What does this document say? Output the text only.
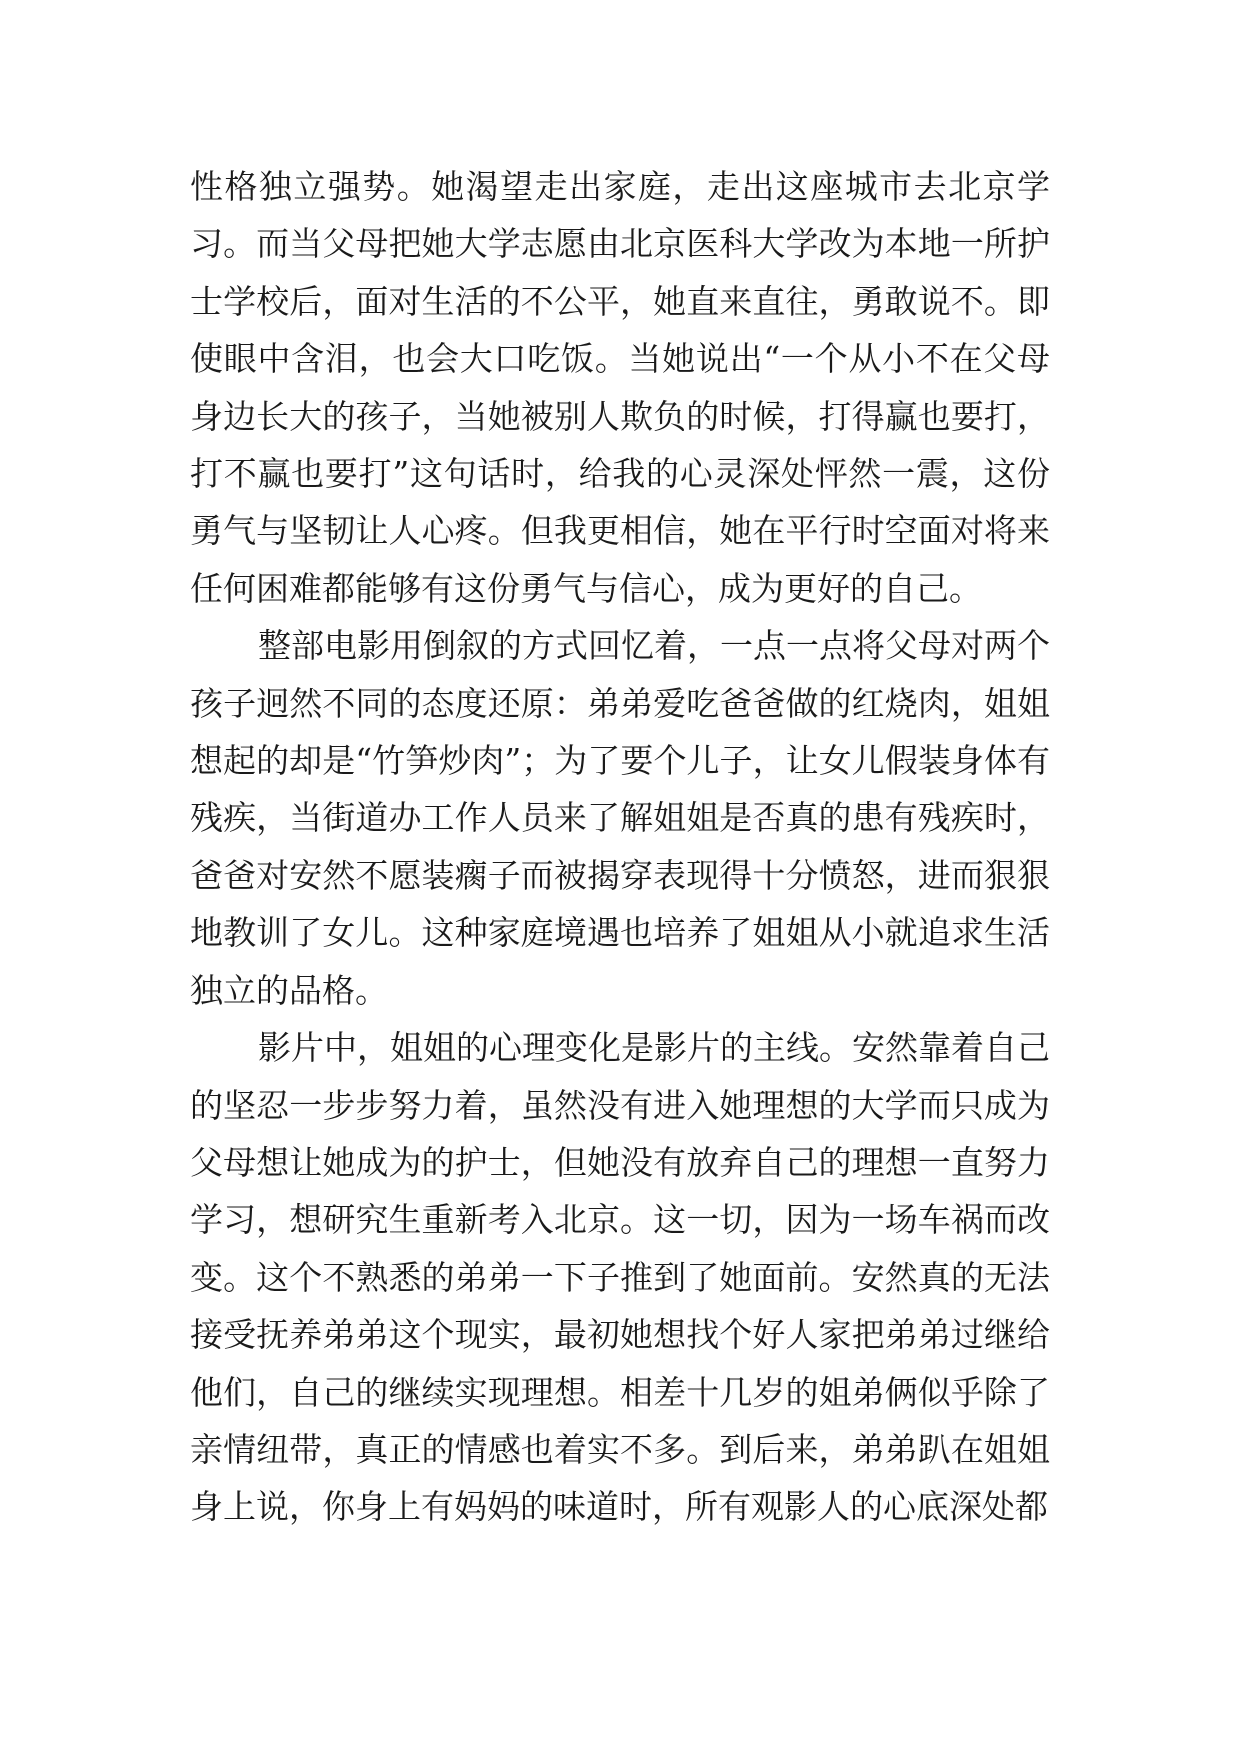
性格独立强势。她渴望走出家庭，走出这座城市去北京学习。而当父母把她大学志愿由北京医科大学改为本地一所护士学校后，面对生活的不公平，她直来直往，勇敢说不。即使眼中含泪，也会大口吃饭。当她说出“一个从小不在父母身边长大的孩子，当她被别人欺负的时候，打得赢也要打，打不赢也要打”这句话时，给我的心灵深处怦然一震，这份勇气与坚韧让人心疼。但我更相信，她在平行时空面对将来任何困难都能够有这份勇气与信心，成为更好的自己。

整部电影用倒叙的方式回忆着，一点一点将父母对两个孩子迥然不同的态度还原：弟弟爱吃爸爸做的红烧肉，姐姐想起的却是“竹笋炒肉”；为了要个儿子，让女儿假装身体有残疾，当街道办工作人员来了解姐姐是否真的患有残疾时，爸爸对安然不愿装瘸子而被揭穿表现得十分愤怒，进而狠狠地教训了女儿。这种家庭境遇也培养了姐姐从小就追求生活独立的品格。

影片中，姐姐的心理变化是影片的主线。安然靠着自己的坚忍一步步努力着，虽然没有进入她理想的大学而只成为父母想让她成为的护士，但她没有放弃自己的理想一直努力学习，想研究生重新考入北京。这一切，因为一场车祸而改变。这个不熟悉的弟弟一下子推到了她面前。安然真的无法接受抚养弟弟这个现实，最初她想找个好人家把弟弟过继给他们，自己的继续实现理想。相差十几岁的姐弟俩似乎除了亲情纽带，真正的情感也着实不多。到后来，弟弟趴在姐姐身上说，你身上有妈妈的味道时，所有观影人的心底深处都
